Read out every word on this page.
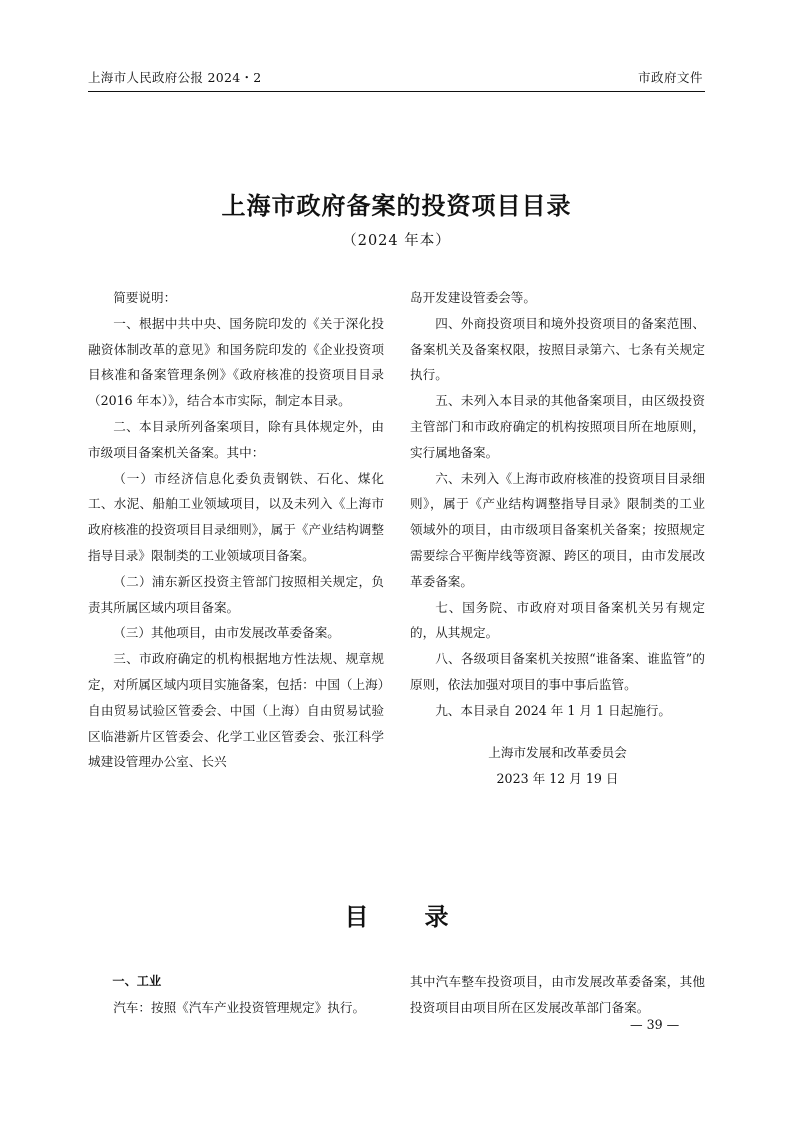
上海市人民政府公报 2024・2	市政府文件
上海市政府备案的投资项目目录
（2024 年本）

简要说明：

一、根据中共中央、国务院印发的《关于深化投融资体制改革的意见》和国务院印发的《企业投资项目核准和备案管理条例》《政府核准的投资项目目录（2016 年本）》，结合本市实际，制定本目录。

二、本目录所列备案项目，除有具体规定外，由市级项目备案机关备案。其中：

（一）市经济信息化委负责钢铁、石化、煤化工、水泥、船舶工业领域项目，以及未列入《上海市政府核准的投资项目目录细则》，属于《产业结构调整指导目录》限制类的工业领域项目备案。

（二）浦东新区投资主管部门按照相关规定，负责其所属区域内项目备案。

（三）其他项目，由市发展改革委备案。

三、市政府确定的机构根据地方性法规、规章规定，对所属区域内项目实施备案，包括：中国（上海）自由贸易试验区管委会、中国（上海）自由贸易试验区临港新片区管委会、化学工业区管委会、张江科学城建设管理办公室、长兴

岛开发建设管委会等。

四、外商投资项目和境外投资项目的备案范围、备案机关及备案权限，按照目录第六、七条有关规定执行。

五、未列入本目录的其他备案项目，由区级投资主管部门和市政府确定的机构按照项目所在地原则，实行属地备案。

六、未列入《上海市政府核准的投资项目目录细则》，属于《产业结构调整指导目录》限制类的工业领域外的项目，由市级项目备案机关备案；按照规定需要综合平衡岸线等资源、跨区的项目，由市发展改革委备案。

七、国务院、市政府对项目备案机关另有规定的，从其规定。

八、各级项目备案机关按照“谁备案、谁监管”的原则，依法加强对项目的事中事后监管。

九、本目录自 2024 年 1 月 1 日起施行。

上海市发展和改革委员会
2023 年 12 月 19 日
目录

一、工业

汽车：按照《汽车产业投资管理规定》执行。

其中汽车整车投资项目，由市发展改革委备案，其他投资项目由项目所在区发展改革部门备案。

— 39 —
